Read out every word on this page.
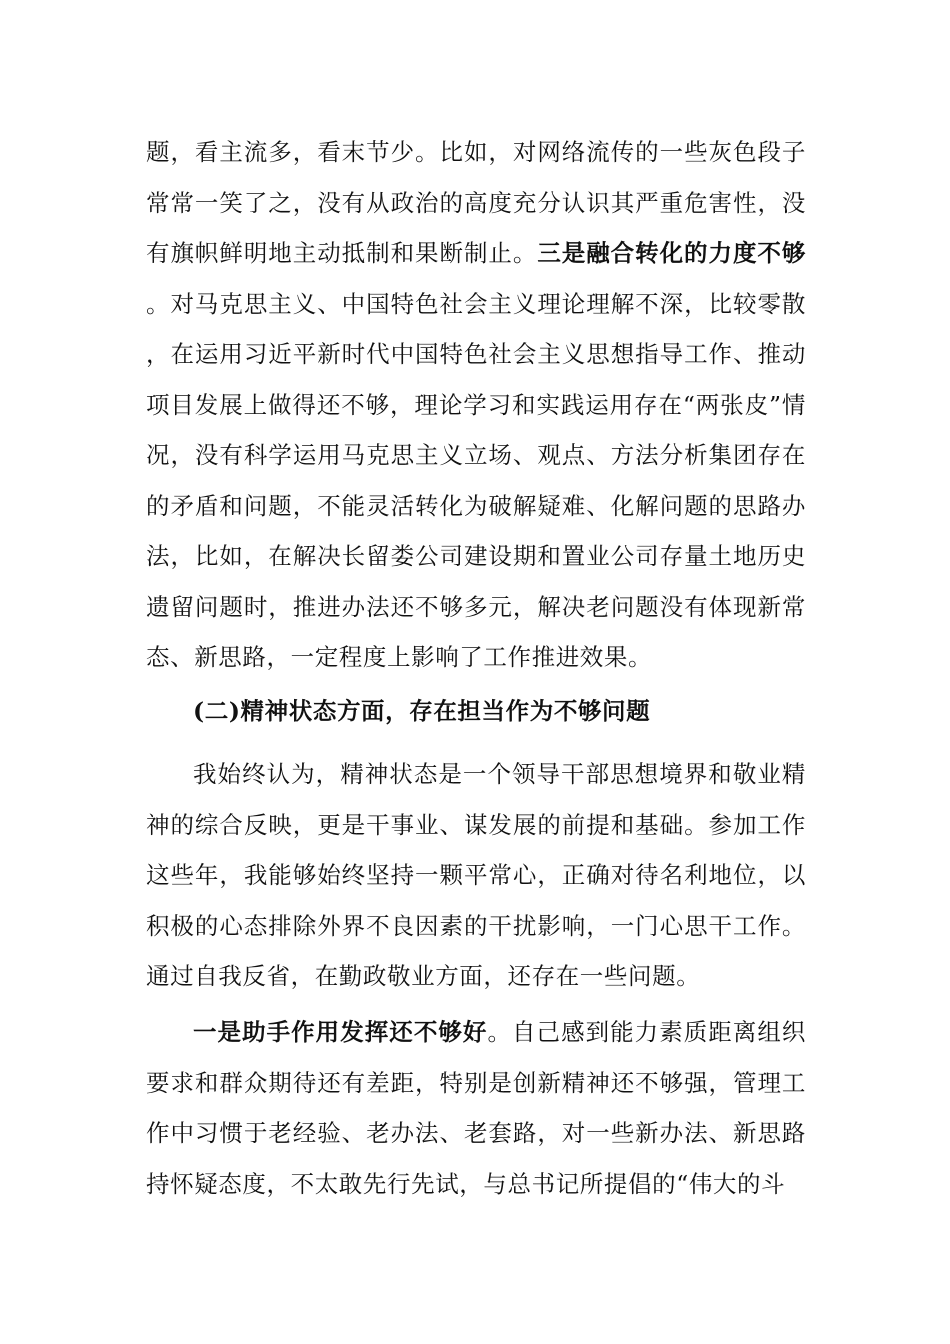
题，看主流多，看末节少。比如，对网络流传的一些灰色段子常常一笑了之，没有从政治的高度充分认识其严重危害性，没有旗帜鲜明地主动抵制和果断制止。三是融合转化的力度不够。对马克思主义、中国特色社会主义理论理解不深，比较零散，在运用习近平新时代中国特色社会主义思想指导工作、推动项目发展上做得还不够，理论学习和实践运用存在“两张皮”情况，没有科学运用马克思主义立场、观点、方法分析集团存在的矛盾和问题，不能灵活转化为破解疑难、化解问题的思路办法，比如，在解决长留娄公司建设期和置业公司存量土地历史遗留问题时，推进办法还不够多元，解决老问题没有体现新常态、新思路，一定程度上影响了工作推进效果。

(二)精神状态方面，存在担当作为不够问题

我始终认为，精神状态是一个领导干部思想境界和敬业精神的综合反映，更是干事业、谋发展的前提和基础。参加工作这些年，我能够始终坚持一颗平常心，正确对待名利地位，以积极的心态排除外界不良因素的干扰影响，一门心思干工作。通过自我反省，在勤政敬业方面，还存在一些问题。

一是助手作用发挥还不够好。自己感到能力素质距离组织要求和群众期待还有差距，特别是创新精神还不够强，管理工作中习惯于老经验、老办法、老套路，对一些新办法、新思路持怀疑态度，不太敢先行先试，与总书记所提倡的“伟大的斗
